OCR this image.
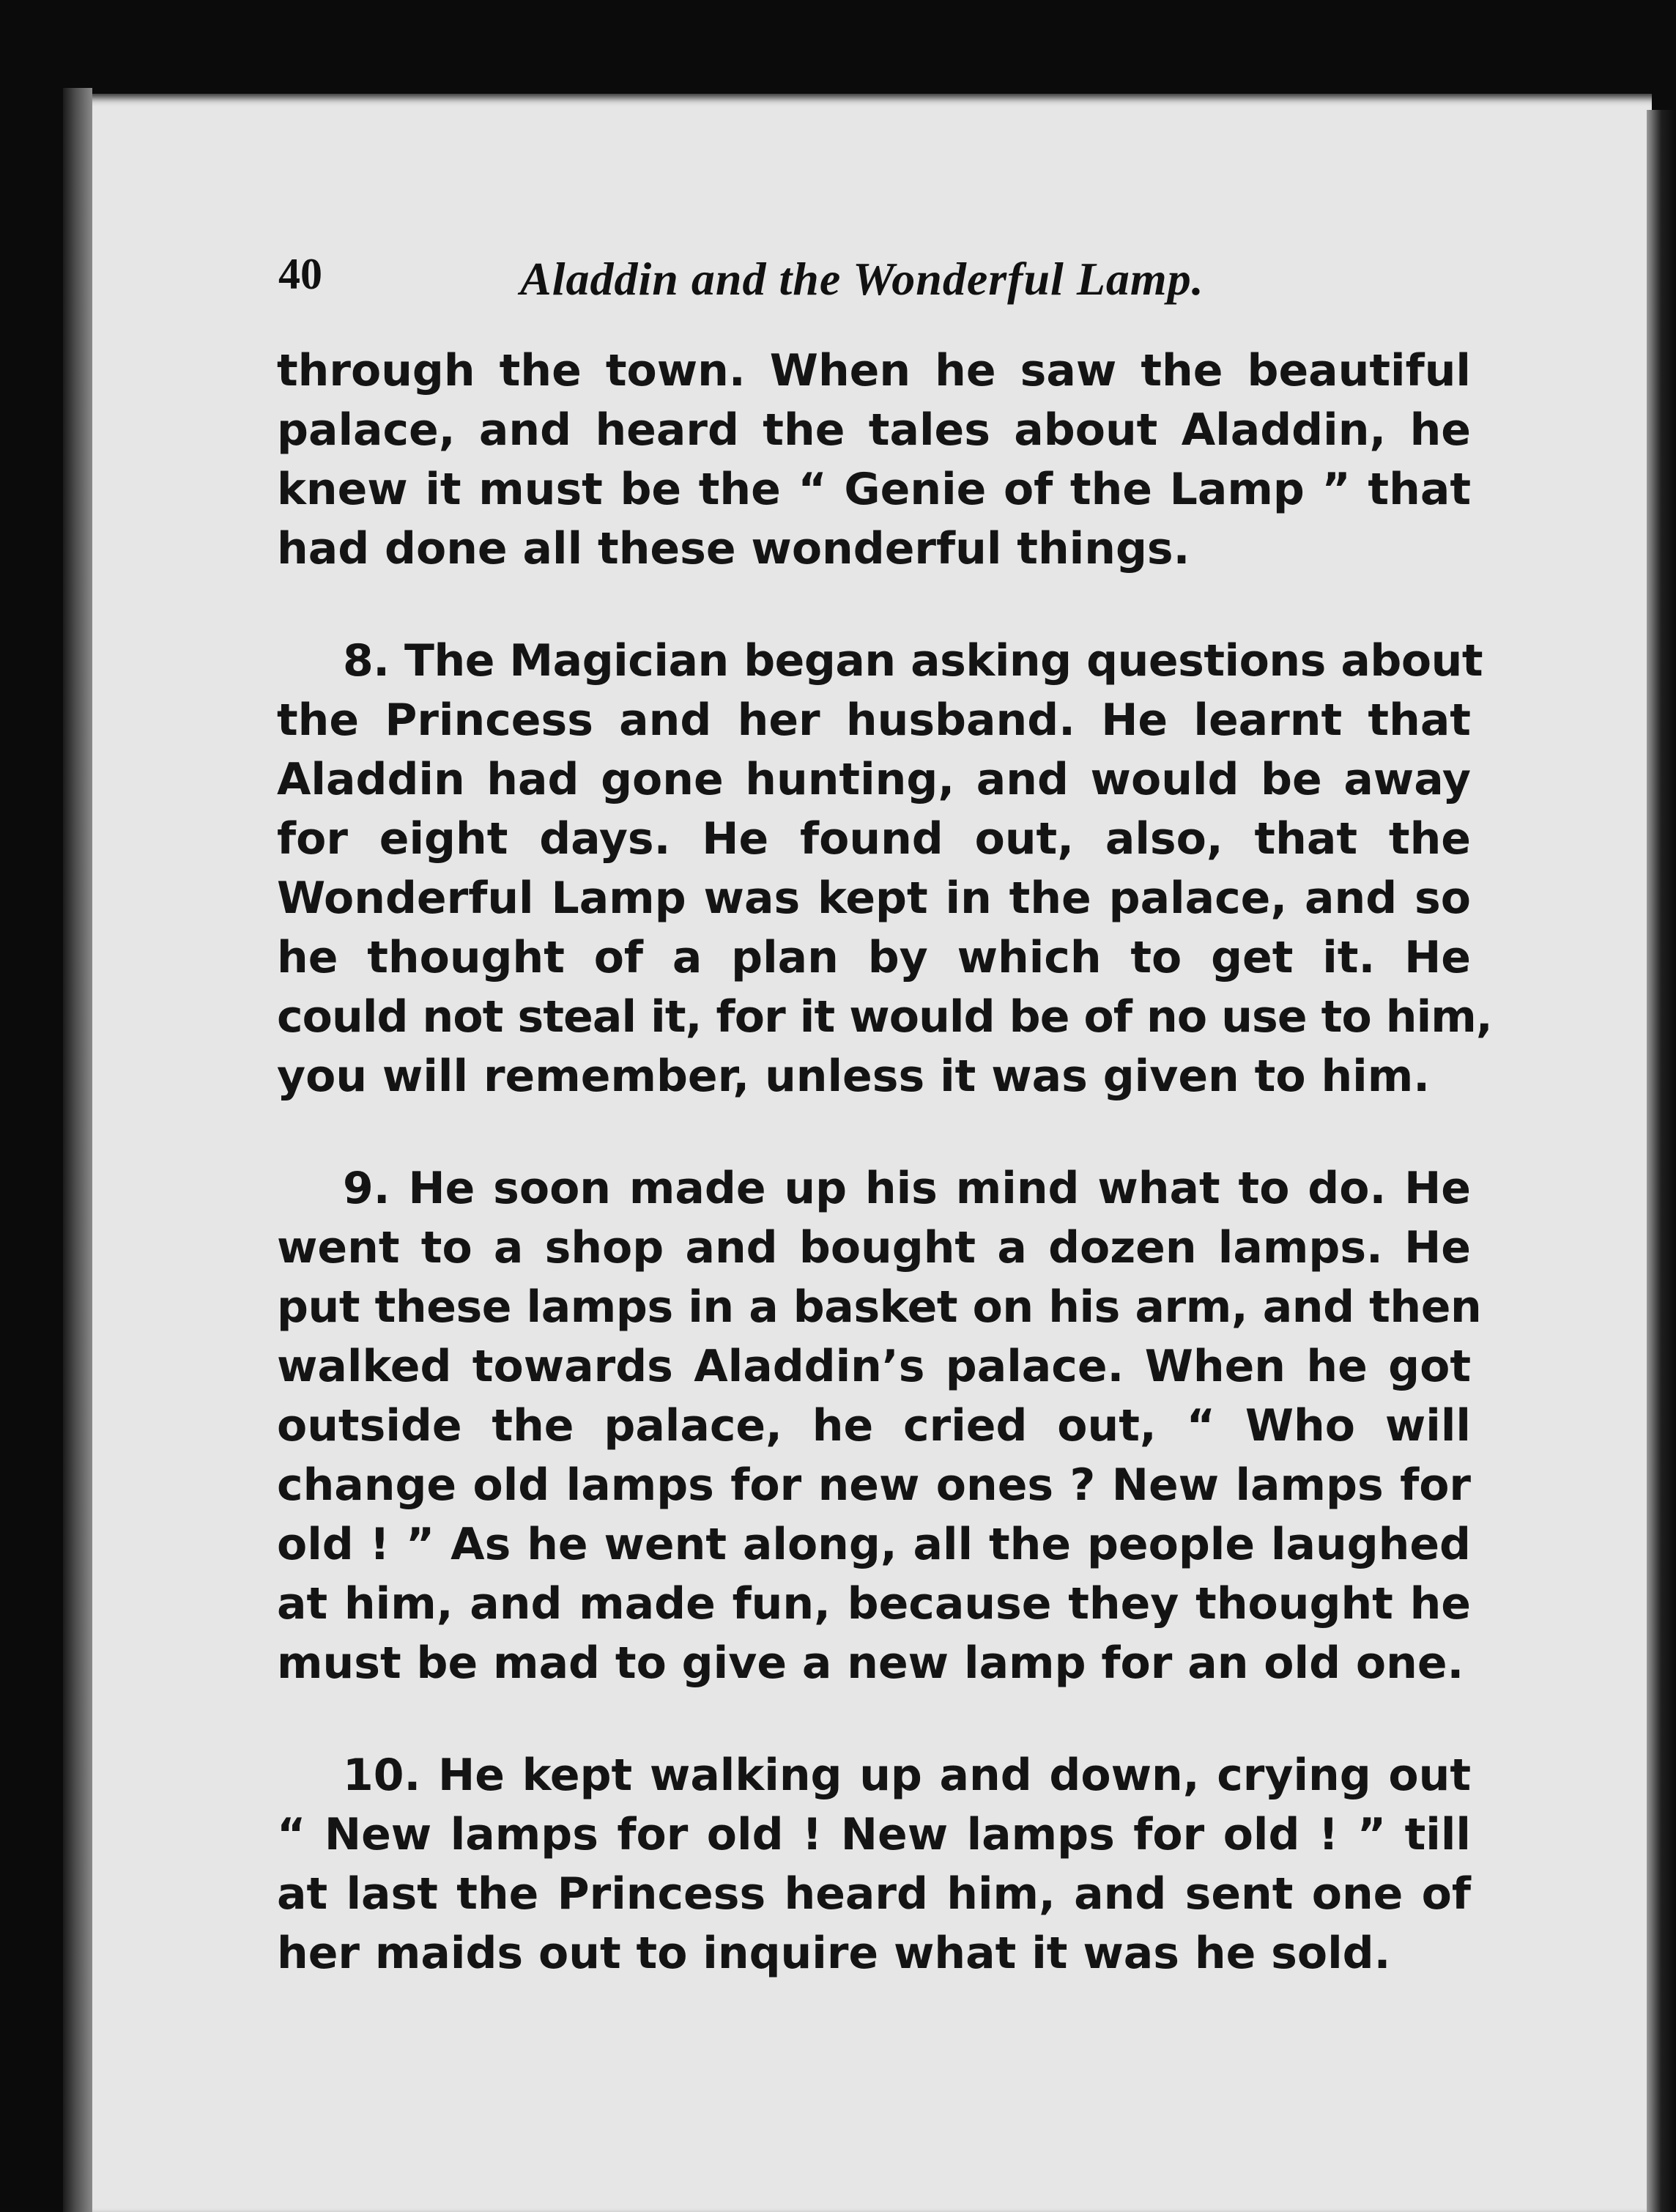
40	Aladdin and the Wonderful Lamp.
through the town. When he saw the beautiful
palace, and heard the tales about Aladdin, he
knew it must be the “ Genie of the Lamp ” that
had done all these wonderful things.
8. The Magician began asking questions about
the Princess and her husband. He learnt that
Aladdin had gone hunting, and would be away
for eight days. He found out, also, that the
Wonderful Lamp was kept in the palace, and so
he thought of a plan by which to get it. He
could not steal it, for it would be of no use to him,
you will remember, unless it was given to him.
9. He soon made up his mind what to do. He
went to a shop and bought a dozen lamps. He
put these lamps in a basket on his arm, and then
walked towards Aladdin’s palace. When he got
outside the palace, he cried out, “ Who will
change old lamps for new ones ? New lamps for
old ! ” As he went along, all the people laughed
at him, and made fun, because they thought he
must be mad to give a new lamp for an old one.
10. He kept walking up and down, crying out
“ New lamps for old ! New lamps for old ! ” till
at last the Princess heard him, and sent one of
her maids out to inquire what it was he sold.
